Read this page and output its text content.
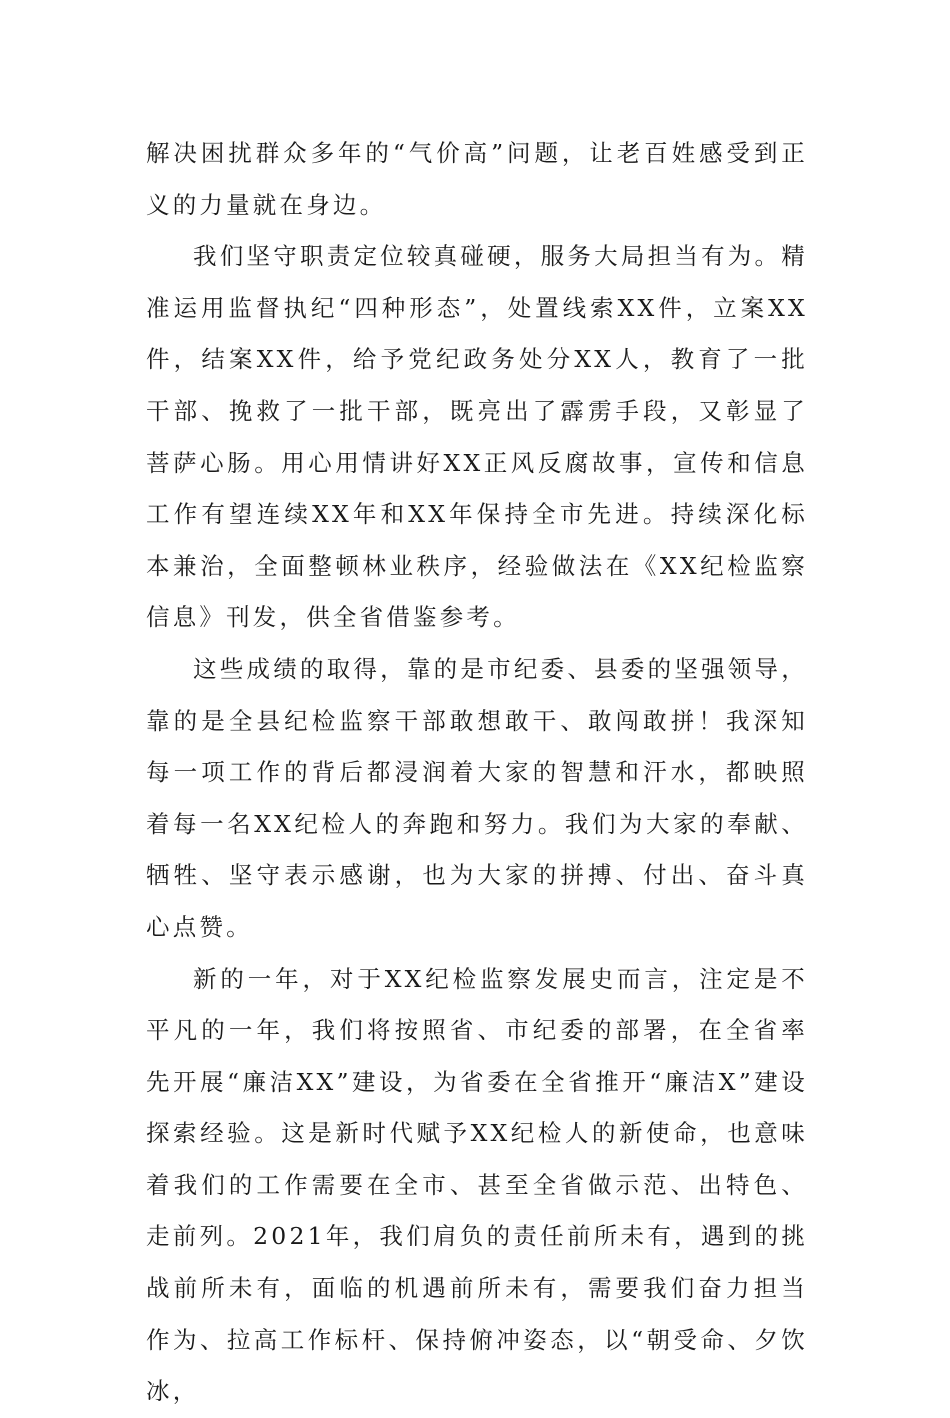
解决困扰群众多年的“气价高”问题，让老百姓感受到正义的力量就在身边。

我们坚守职责定位较真碰硬，服务大局担当有为。精准运用监督执纪“四种形态”，处置线索XX件，立案XX件，结案XX件，给予党纪政务处分XX人，教育了一批干部、挽救了一批干部，既亮出了霹雳手段，又彰显了菩萨心肠。用心用情讲好XX正风反腐故事，宣传和信息工作有望连续XX年和XX年保持全市先进。持续深化标本兼治，全面整顿林业秩序，经验做法在《XX纪检监察信息》刊发，供全省借鉴参考。

这些成绩的取得，靠的是市纪委、县委的坚强领导，靠的是全县纪检监察干部敢想敢干、敢闯敢拼！我深知每一项工作的背后都浸润着大家的智慧和汗水，都映照着每一名XX纪检人的奔跑和努力。我们为大家的奉献、牺牲、坚守表示感谢，也为大家的拼搏、付出、奋斗真心点赞。

新的一年，对于XX纪检监察发展史而言，注定是不平凡的一年，我们将按照省、市纪委的部署，在全省率先开展“廉洁XX”建设，为省委在全省推开“廉洁X”建设探索经验。这是新时代赋予XX纪检人的新使命，也意味着我们的工作需要在全市、甚至全省做示范、出特色、走前列。2021年，我们肩负的责任前所未有，遇到的挑战前所未有，面临的机遇前所未有，需要我们奋力担当作为、拉高工作标杆、保持俯冲姿态，以“朝受命、夕饮冰，
